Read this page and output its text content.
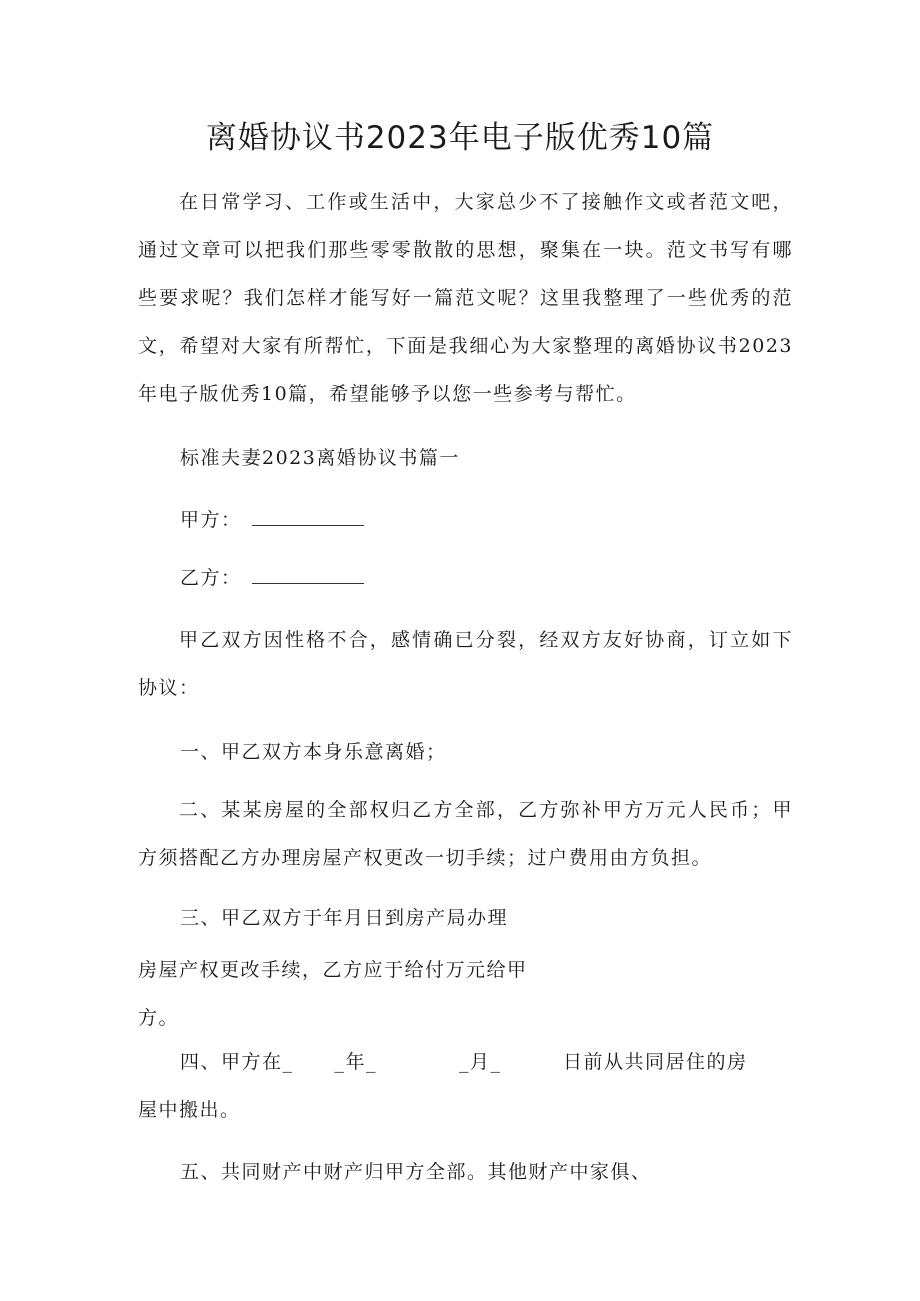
离婚协议书2023年电子版优秀10篇

在日常学习、工作或生活中，大家总少不了接触作文或者范文吧，通过文章可以把我们那些零零散散的思想，聚集在一块。范文书写有哪些要求呢？我们怎样才能写好一篇范文呢？这里我整理了一些优秀的范文，希望对大家有所帮忙，下面是我细心为大家整理的离婚协议书2023年电子版优秀10篇，希望能够予以您一些参考与帮忙。

标准夫妻2023离婚协议书篇一

甲方：

乙方：

甲乙双方因性格不合，感情确已分裂，经双方友好协商，订立如下协议：

一、甲乙双方本身乐意离婚；

二、某某房屋的全部权归乙方全部，乙方弥补甲方万元人民币；甲方须搭配乙方办理房屋产权更改一切手续；过户费用由方负担。

三、甲乙双方于年月日到房产局办理

房屋产权更改手续，乙方应于给付万元给甲

方。

四、甲方在_　　_年_　　　　_月_　　　日前从共同居住的房

屋中搬出。

五、共同财产中财产归甲方全部。其他财产中家俱、
